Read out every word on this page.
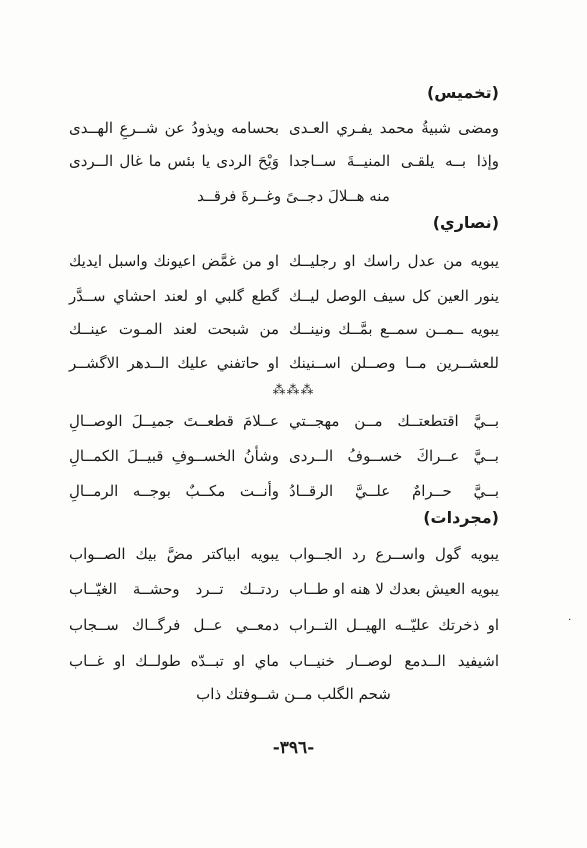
(تخميس)
ومضى شبيةُ محمد يفـري العـدى
بحسامه ويذودُ عن شــرعِ الهــدى
وإذا بــه يلقـى المنيــةَ ســاجدا
وَيْحَ الردى يا بئس ما غال الــردى
منه هــلالَ دجــىً وغــرةَ فرقــد
(نصاري)
يبويه من عدل راسك او رجليــك
او من غمَّض اعيونك واسبل ايديك
ينور العين كل سيف الوصل ليــك
گطع گلبي او لعند احشاي ســدَّر
يبويه ــمــن سمــع بمَّــك ونينــك
من شبحت لعند المـوت عينــك
للعشــرين مــا وصــلن اســنينك
او حاتفني عليك الــدهر الاگشــر
⁂⁂⁂
بــيَّ اقتطعتــك مــن مهجــتي
عــلامَ قطعــتَ جميــلَ الوصــالِ
بــيَّ عــراكَ خســوفُ الــردى
وشأنُ الخســوفِ قبيــلَ الكمــالِ
بــيَّ حــرامٌ علــيَّ الرقــادُ
وأنــت مكــبٌ بوجــه الرمــالِ
(مجردات)
يبويه گول واســرع رد الجــواب
يبويه ابياكتر مضَّ بيك الصــواب
يبويه العيش بعدك لا هنه او طــاب
ردتــك تــرد وحشــة الغيّــاب
او ذخرتك عليّــه الهيــل التــراب
دمعــي عــل فرگــاك ســجاب
اشيفيد الــدمع لوصــار خنيــاب
ماي او تبــدّه طولــك او غــاب
شحم الگلب مــن شــوفتك ذاب
٠
-٣٩٦-
